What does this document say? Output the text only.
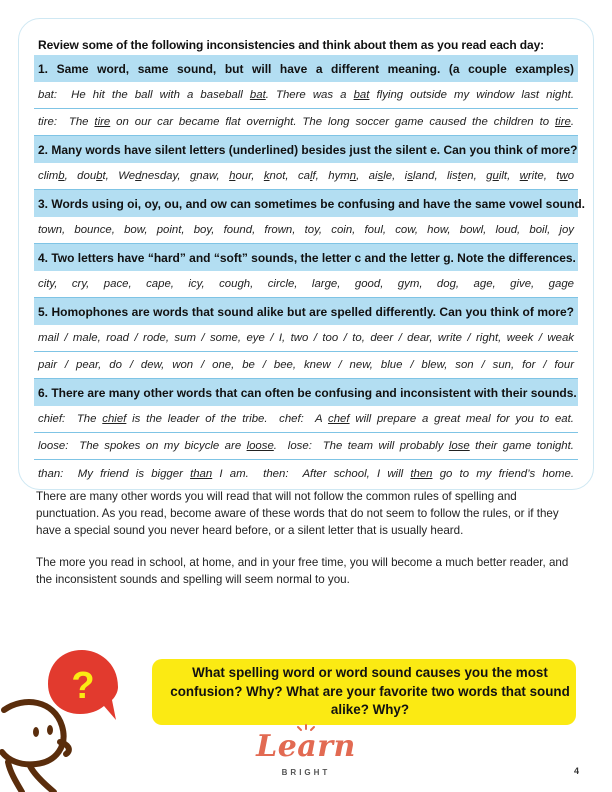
Review some of the following inconsistencies and think about them as you read each day:
1. Same word, same sound, but will have a different meaning. (a couple examples)
bat: He hit the ball with a baseball bat. There was a bat flying outside my window last night.
tire: The tire on our car became flat overnight. The long soccer game caused the children to tire.
2. Many words have silent letters (underlined) besides just the silent e. Can you think of more?
climb, doubt, Wednesday, gnaw, hour, knot, calf, hymn, aisle, island, listen, guilt, write, two
3. Words using oi, oy, ou, and ow can sometimes be confusing and have the same vowel sound.
town, bounce, bow, point, boy, found, frown, toy, coin, foul, cow, how, bowl, loud, boil, joy
4. Two letters have “hard” and “soft” sounds, the letter c and the letter g. Note the differences.
city, cry, pace, cape, icy, cough, circle, large, good, gym, dog, age, give, gage
5. Homophones are words that sound alike but are spelled differently. Can you think of more?
mail / male, road / rode, sum / some, eye / I, two / too / to, deer / dear, write / right, week / weak
pair / pear, do / dew, won / one, be / bee, knew / new, blue / blew, son / sun, for / four
6. There are many other words that can often be confusing and inconsistent with their sounds.
chief: The chief is the leader of the tribe. chef: A chef will prepare a great meal for you to eat.
loose: The spokes on my bicycle are loose. lose: The team will probably lose their game tonight.
than: My friend is bigger than I am. then: After school, I will then go to my friend’s home.

There are many other words you will read that will not follow the common rules of spelling and punctuation. As you read, become aware of these words that do not seem to follow the rules, or if they have a special sound you never heard before, or a silent letter that is usually heard.

The more you read in school, at home, and in your free time, you will become a much better reader, and the inconsistent sounds and spelling will seem normal to you.

?	What spelling word or word sound causes you the most confusion? Why? What are your favorite two words that sound alike? Why?
Learn
BRIGHT	4
